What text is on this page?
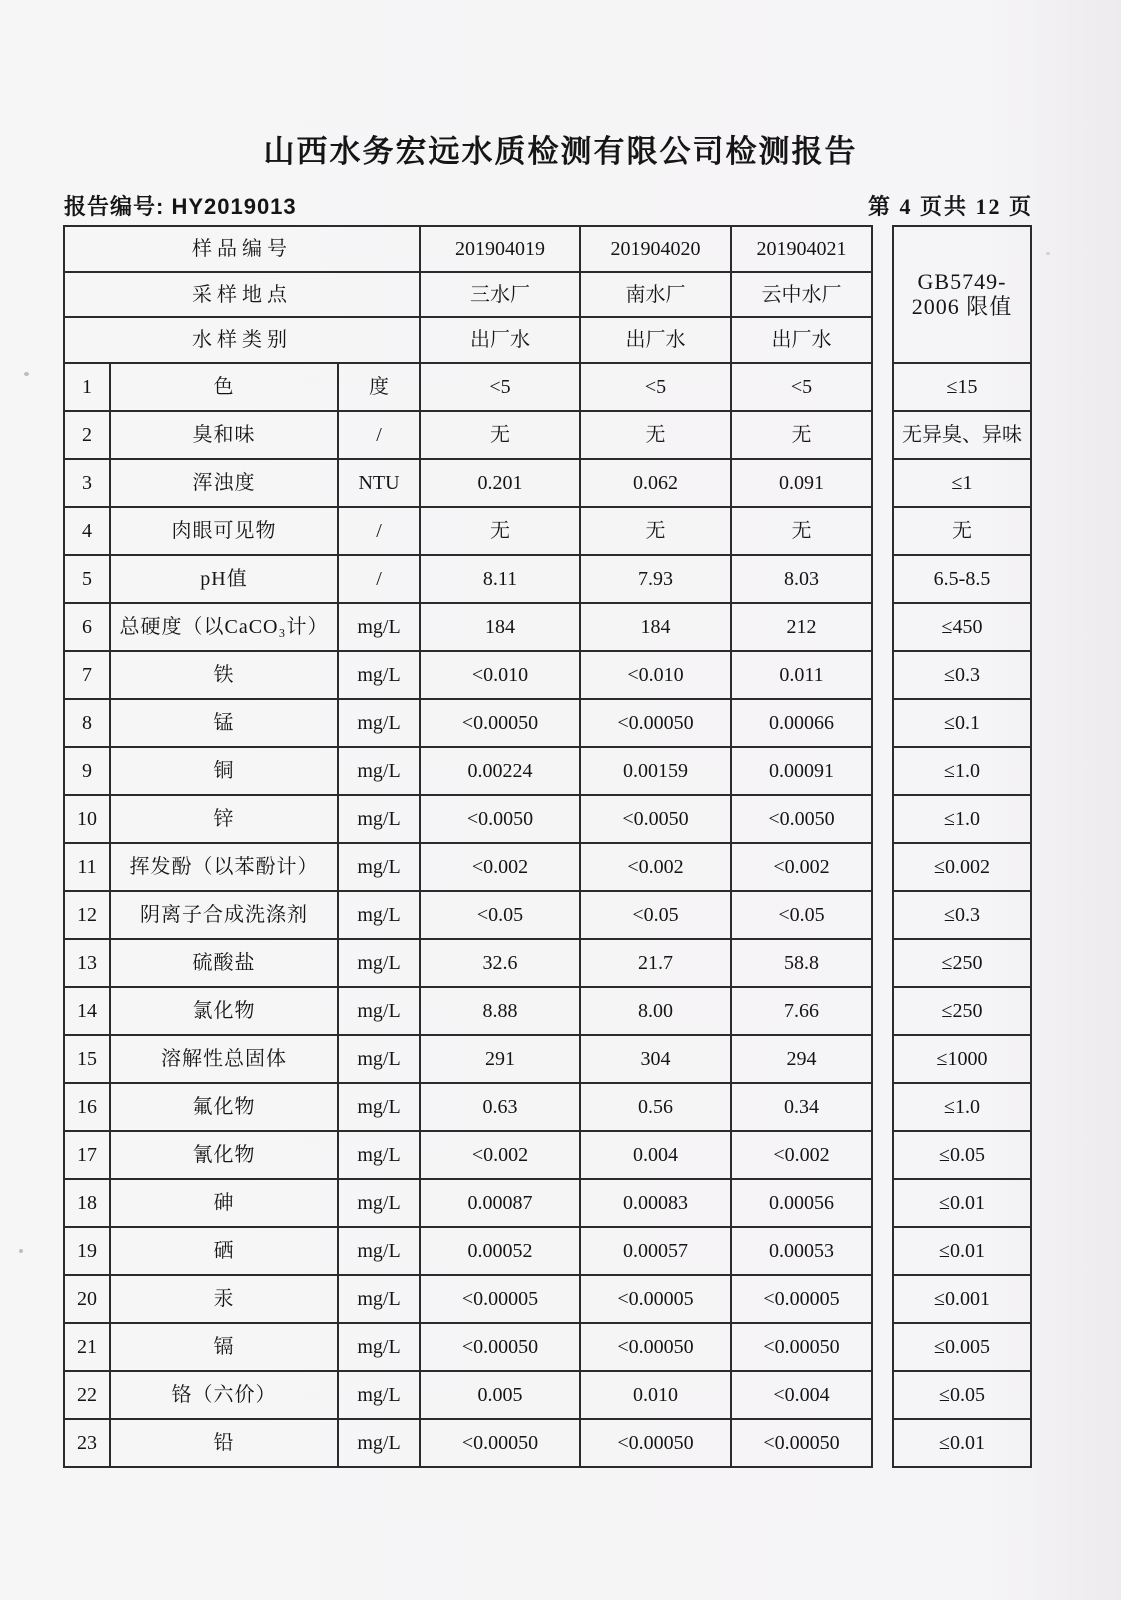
山西水务宏远水质检测有限公司检测报告
报告编号: HY2019013	第 4 页共 12 页
样品编号			201904019	201904020	201904021		GB5749-
2006 限值

采样地点			三水厂	南水厂	云中水厂		
水样类别			出厂水	出厂水	出厂水		
1	色	度	<5	<5	<5		≤15
2	臭和味	/	无	无	无		无异臭、异味
3	浑浊度	NTU	0.201	0.062	0.091		≤1
4	肉眼可见物	/	无	无	无		无
5	pH值	/	8.11	7.93	8.03		6.5-8.5
6	总硬度（以CaCO₃计）	mg/L	184	184	212		≤450
7	铁	mg/L	<0.010	<0.010	0.011		≤0.3
8	锰	mg/L	<0.00050	<0.00050	0.00066		≤0.1
9	铜	mg/L	0.00224	0.00159	0.00091		≤1.0
10	锌	mg/L	<0.0050	<0.0050	<0.0050		≤1.0
11	挥发酚（以苯酚计）	mg/L	<0.002	<0.002	<0.002		≤0.002
12	阴离子合成洗涤剂	mg/L	<0.05	<0.05	<0.05		≤0.3
13	硫酸盐	mg/L	32.6	21.7	58.8		≤250
14	氯化物	mg/L	8.88	8.00	7.66		≤250
15	溶解性总固体	mg/L	291	304	294		≤1000
16	氟化物	mg/L	0.63	0.56	0.34		≤1.0
17	氰化物	mg/L	<0.002	0.004	<0.002		≤0.05
18	砷	mg/L	0.00087	0.00083	0.00056		≤0.01
19	硒	mg/L	0.00052	0.00057	0.00053		≤0.01
20	汞	mg/L	<0.00005	<0.00005	<0.00005		≤0.001
21	镉	mg/L	<0.00050	<0.00050	<0.00050		≤0.005
22	铬（六价）	mg/L	0.005	0.010	<0.004		≤0.05
23	铅	mg/L	<0.00050	<0.00050	<0.00050		≤0.01
